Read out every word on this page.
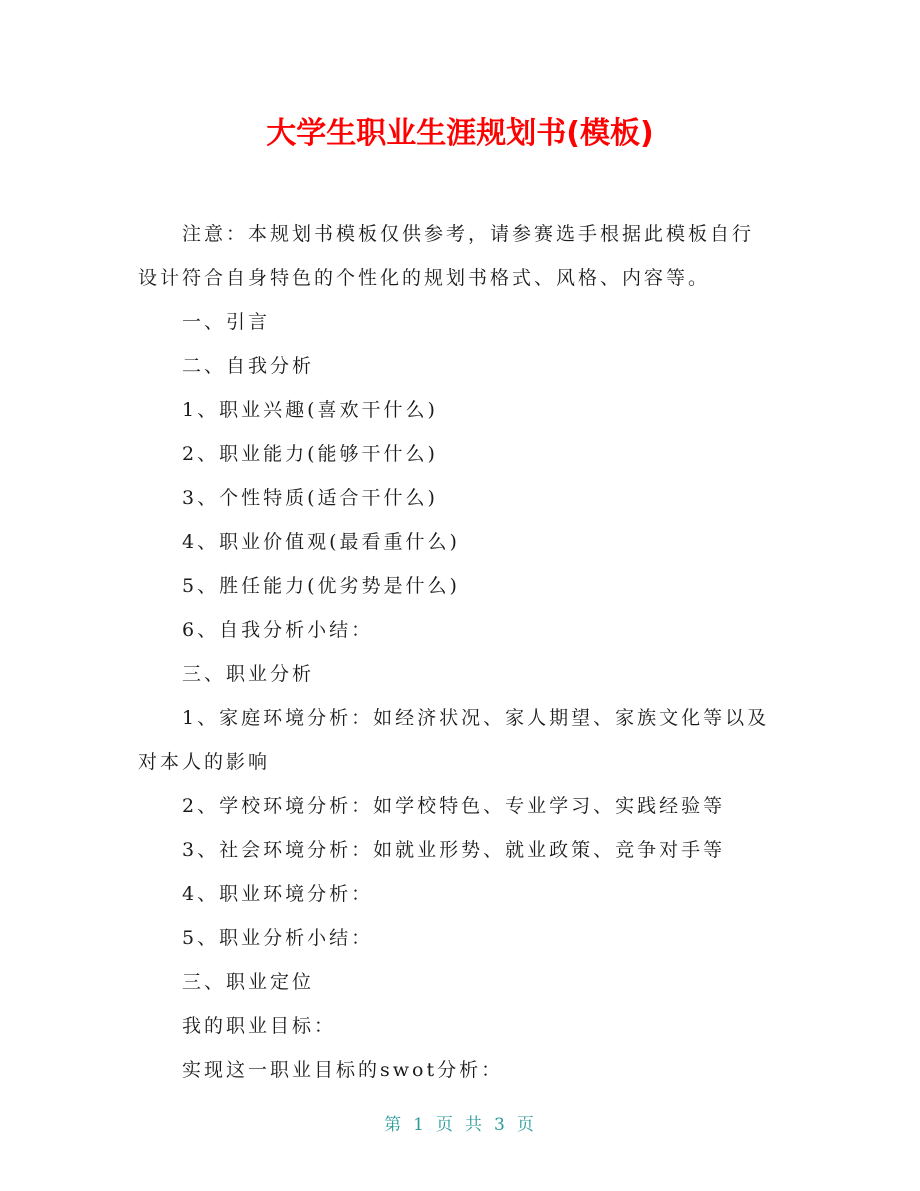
大学生职业生涯规划书(模板)
注意：本规划书模板仅供参考，请参赛选手根据此模板自行
设计符合自身特色的个性化的规划书格式、风格、内容等。
一、引言
二、自我分析
1、职业兴趣(喜欢干什么)
2、职业能力(能够干什么)
3、个性特质(适合干什么)
4、职业价值观(最看重什么)
5、胜任能力(优劣势是什么)
6、自我分析小结：
三、职业分析
1、家庭环境分析：如经济状况、家人期望、家族文化等以及
对本人的影响
2、学校环境分析：如学校特色、专业学习、实践经验等
3、社会环境分析：如就业形势、就业政策、竞争对手等
4、职业环境分析：
5、职业分析小结：
三、职业定位
我的职业目标：
实现这一职业目标的swot分析：
第 1 页 共 3 页
